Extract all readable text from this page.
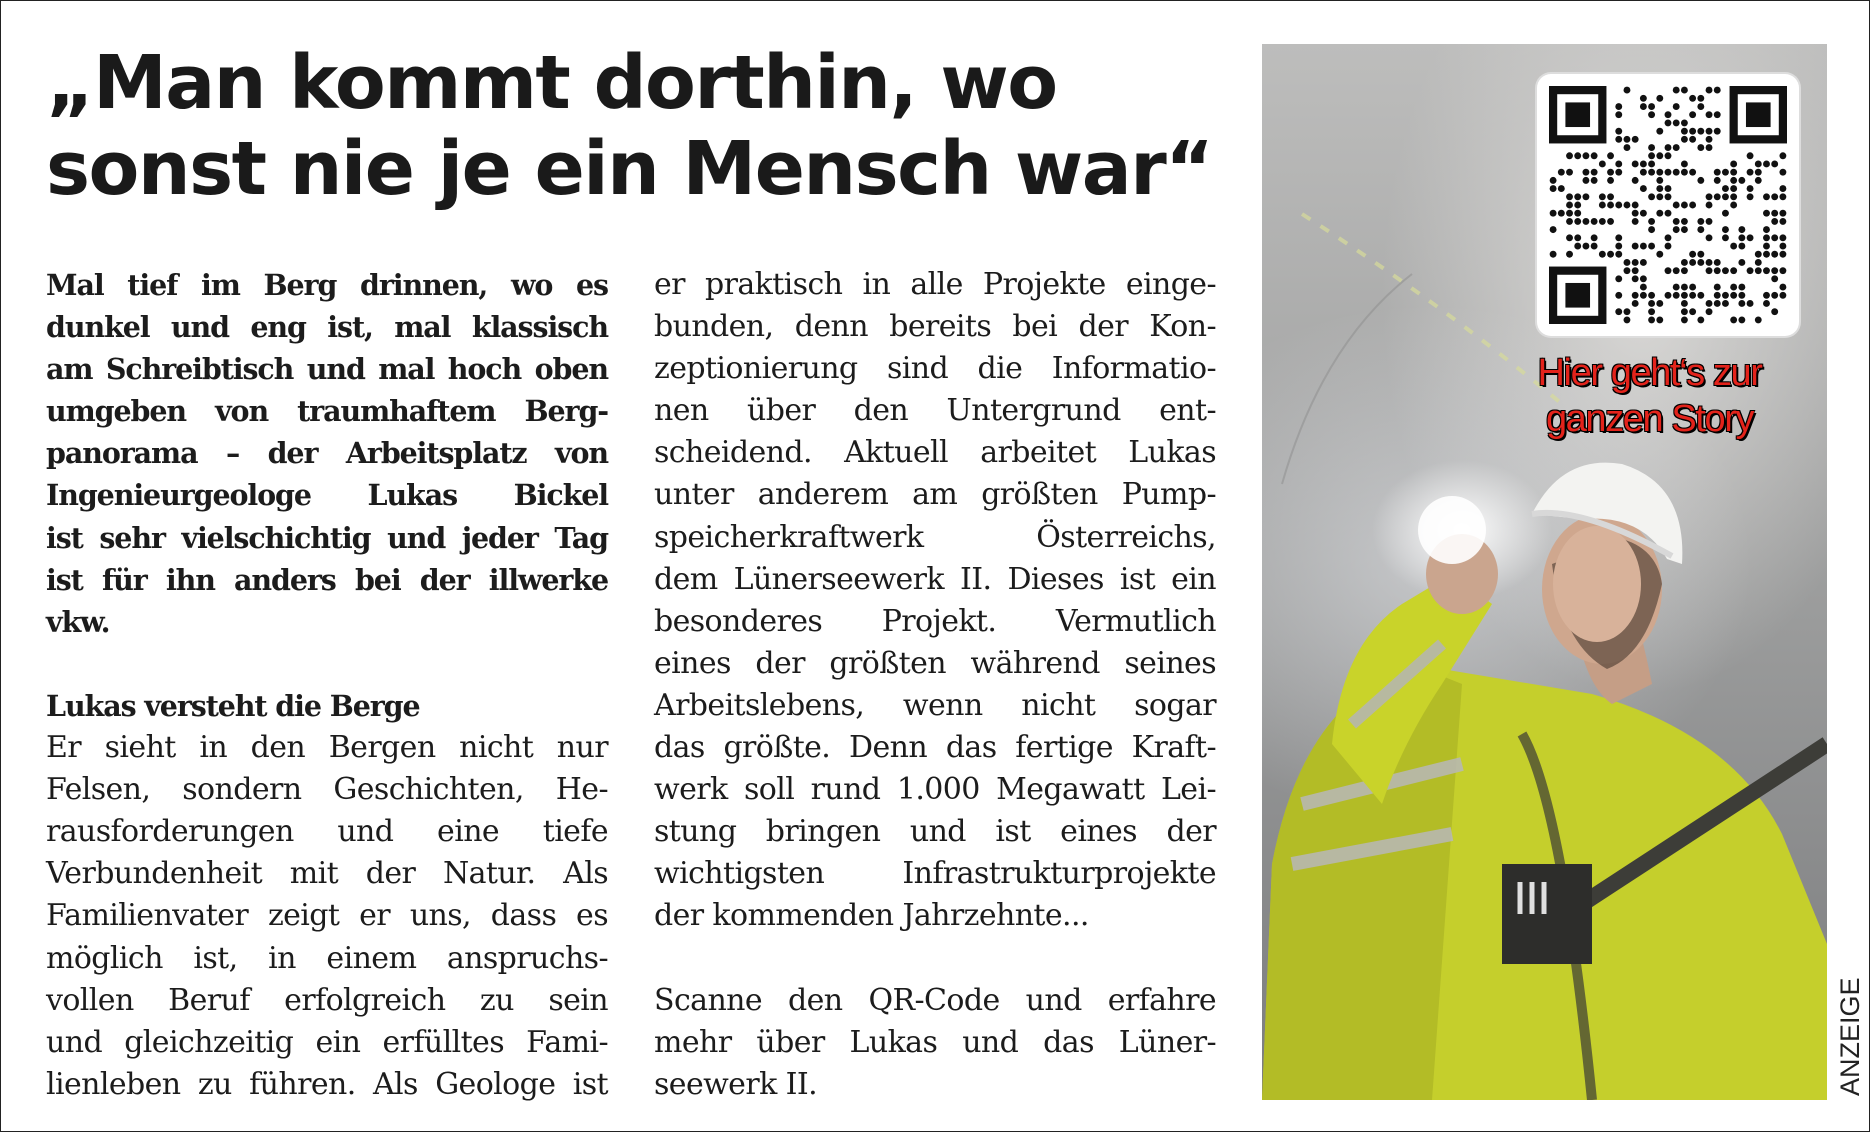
„Man kommt dorthin, wo
sonst nie je ein Mensch war“
Mal tief im Berg drinnen, wo es
dunkel und eng ist, mal klassisch
am Schreibtisch und mal hoch oben
umgeben von traumhaftem Berg-
panorama – der Arbeitsplatz von
Ingenieurgeologe Lukas Bickel
ist sehr vielschichtig und jeder Tag
ist für ihn anders bei der illwerke
vkw.
Lukas versteht die Berge
Er sieht in den Bergen nicht nur
Felsen, sondern Geschichten, He-
rausforderungen und eine tiefe
Verbundenheit mit der Natur. Als
Familienvater zeigt er uns, dass es
möglich ist, in einem anspruchs-
vollen Beruf erfolgreich zu sein
und gleichzeitig ein erfülltes Fami-
lienleben zu führen. Als Geologe ist
er praktisch in alle Projekte einge-
bunden, denn bereits bei der Kon-
zeptionierung sind die Informatio-
nen über den Untergrund ent-
scheidend. Aktuell arbeitet Lukas
unter anderem am größten Pump-
speicherkraftwerk Österreichs,
dem Lünerseewerk II. Dieses ist ein
besonderes Projekt. Vermutlich
eines der größten während seines
Arbeitslebens, wenn nicht sogar
das größte. Denn das fertige Kraft-
werk soll rund 1.000 Megawatt Lei-
stung bringen und ist eines der
wichtigsten Infrastrukturprojekte
der kommenden Jahrzehnte...
Scanne den QR-Code und erfahre
mehr über Lukas und das Lüner-
seewerk II.

Hier geht‘s zur
ganzen Story

ANZEIGE
